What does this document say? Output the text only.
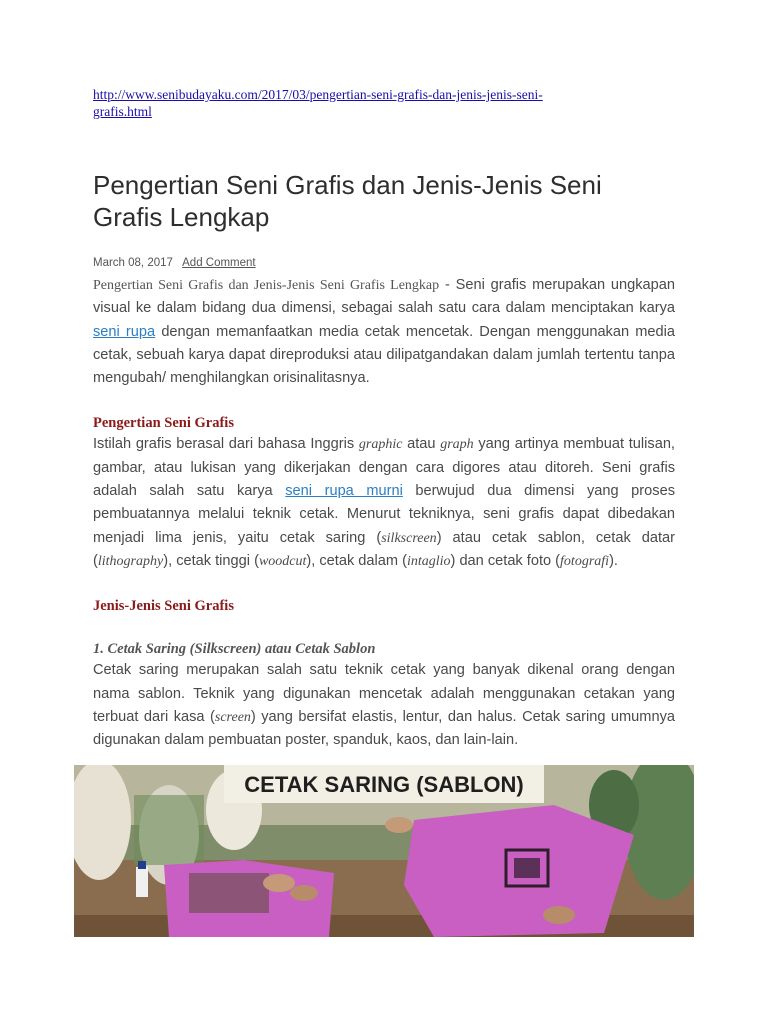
http://www.senibudayaku.com/2017/03/pengertian-seni-grafis-dan-jenis-jenis-seni-
grafis.html
Pengertian Seni Grafis dan Jenis-Jenis Seni Grafis Lengkap
March 08, 2017 Add Comment

Pengertian Seni Grafis dan Jenis-Jenis Seni Grafis Lengkap - Seni grafis merupakan ungkapan visual ke dalam bidang dua dimensi, sebagai salah satu cara dalam menciptakan karya seni rupa dengan memanfaatkan media cetak mencetak. Dengan menggunakan media cetak, sebuah karya dapat direproduksi atau dilipatgandakan dalam jumlah tertentu tanpa mengubah/ menghilangkan orisinalitasnya.

Pengertian Seni Grafis

Istilah grafis berasal dari bahasa Inggris graphic atau graph yang artinya membuat tulisan, gambar, atau lukisan yang dikerjakan dengan cara digores atau ditoreh. Seni grafis adalah salah satu karya seni rupa murni berwujud dua dimensi yang proses pembuatannya melalui teknik cetak. Menurut tekniknya, seni grafis dapat dibedakan menjadi lima jenis, yaitu cetak saring (silkscreen) atau cetak sablon, cetak datar (lithography), cetak tinggi (woodcut), cetak dalam (intaglio) dan cetak foto (fotografi).

Jenis-Jenis Seni Grafis
1. Cetak Saring (Silkscreen) atau Cetak Sablon

Cetak saring merupakan salah satu teknik cetak yang banyak dikenal orang dengan nama sablon. Teknik yang digunakan mencetak adalah menggunakan cetakan yang terbuat dari kasa (screen) yang bersifat elastis, lentur, dan halus. Cetak saring umumnya digunakan dalam pembuatan poster, spanduk, kaos, dan lain-lain.

CETAK SARING (SABLON)
